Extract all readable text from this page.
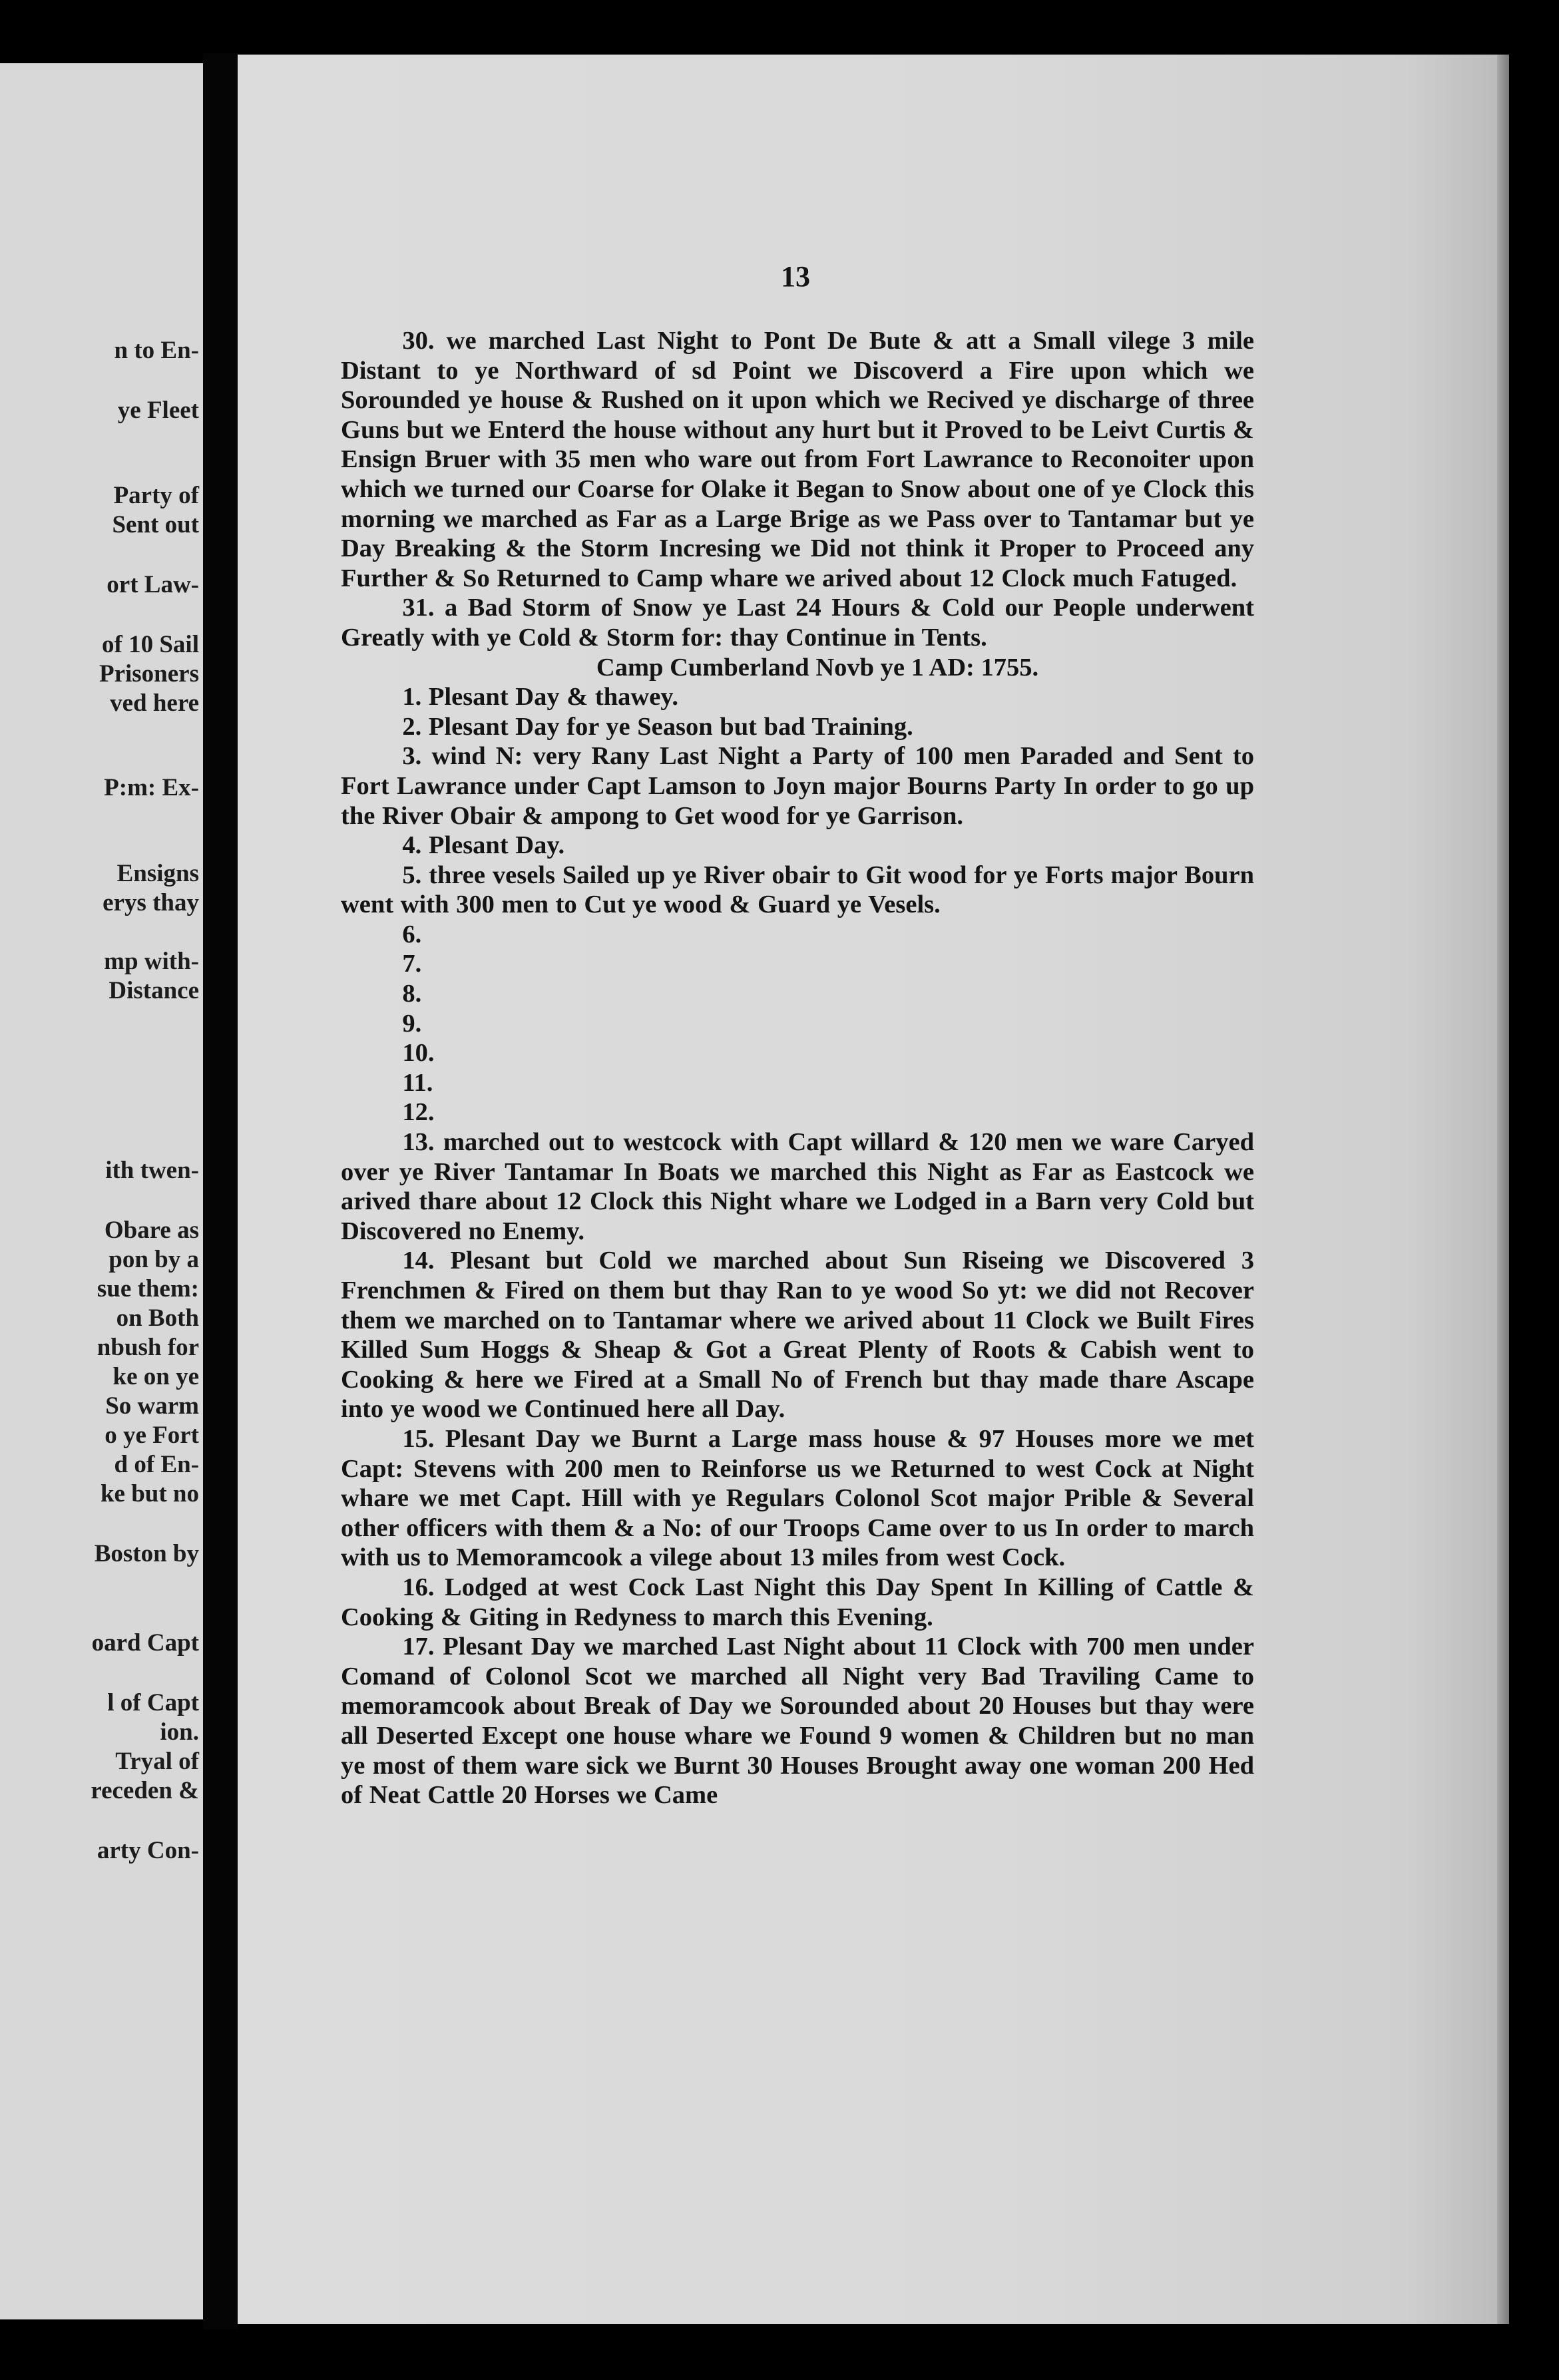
n to En-
ye Fleet
Party of
Sent out
ort Law-
of 10 Sail
Prisoners
ved here
P:m: Ex-
Ensigns
erys thay
mp with-
Distance
ith twen-
Obare as
pon by a
sue them:
on Both
nbush for
ke on ye
So warm
o ye Fort
d of En-
ke but no
Boston by
oard Capt
l of Capt
ion.
Tryal of
receden &
arty Con-
13
30. we marched Last Night to Pont De Bute & att a Small vilege 3 mile Distant to ye Northward of sd Point we Discoverd a Fire upon which we Sorounded ye house & Rushed on it upon which we Recived ye discharge of three Guns but we Enterd the house without any hurt but it Proved to be Leivt Curtis & Ensign Bruer with 35 men who ware out from Fort Lawrance to Reconoiter upon which we turned our Coarse for Olake it Began to Snow about one of ye Clock this morning we marched as Far as a Large Brige as we Pass over to Tantamar but ye Day Breaking & the Storm Incresing we Did not think it Proper to Proceed any Further & So Returned to Camp whare we arived about 12 Clock much Fatuged.
31. a Bad Storm of Snow ye Last 24 Hours & Cold our People underwent Greatly with ye Cold & Storm for: thay Continue in Tents.
Camp Cumberland Novb ye 1 AD: 1755.
1. Plesant Day & thawey.
2. Plesant Day for ye Season but bad Training.
3. wind N: very Rany Last Night a Party of 100 men Paraded and Sent to Fort Lawrance under Capt Lamson to Joyn major Bourns Party In order to go up the River Obair & ampong to Get wood for ye Garrison.
4. Plesant Day.
5. three vesels Sailed up ye River obair to Git wood for ye Forts major Bourn went with 300 men to Cut ye wood & Guard ye Vesels.
6.
7.
8.
9.
10.
11.
12.
13. marched out to westcock with Capt willard & 120 men we ware Caryed over ye River Tantamar In Boats we marched this Night as Far as Eastcock we arived thare about 12 Clock this Night whare we Lodged in a Barn very Cold but Discovered no Enemy.
14. Plesant but Cold we marched about Sun Riseing we Discovered 3 Frenchmen & Fired on them but thay Ran to ye wood So yt: we did not Recover them we marched on to Tantamar where we arived about 11 Clock we Built Fires Killed Sum Hoggs & Sheap & Got a Great Plenty of Roots & Cabish went to Cooking & here we Fired at a Small No of French but thay made thare Ascape into ye wood we Continued here all Day.
15. Plesant Day we Burnt a Large mass house & 97 Houses more we met Capt: Stevens with 200 men to Reinforse us we Returned to west Cock at Night whare we met Capt. Hill with ye Regulars Colonol Scot major Prible & Several other officers with them & a No: of our Troops Came over to us In order to march with us to Memoramcook a vilege about 13 miles from west Cock.
16. Lodged at west Cock Last Night this Day Spent In Killing of Cattle & Cooking & Giting in Redyness to march this Evening.
17. Plesant Day we marched Last Night about 11 Clock with 700 men under Comand of Colonol Scot we marched all Night very Bad Traviling Came to memoramcook about Break of Day we Sorounded about 20 Houses but thay were all Deserted Except one house whare we Found 9 women & Children but no man ye most of them ware sick we Burnt 30 Houses Brought away one woman 200 Hed of Neat Cattle 20 Horses we Came
